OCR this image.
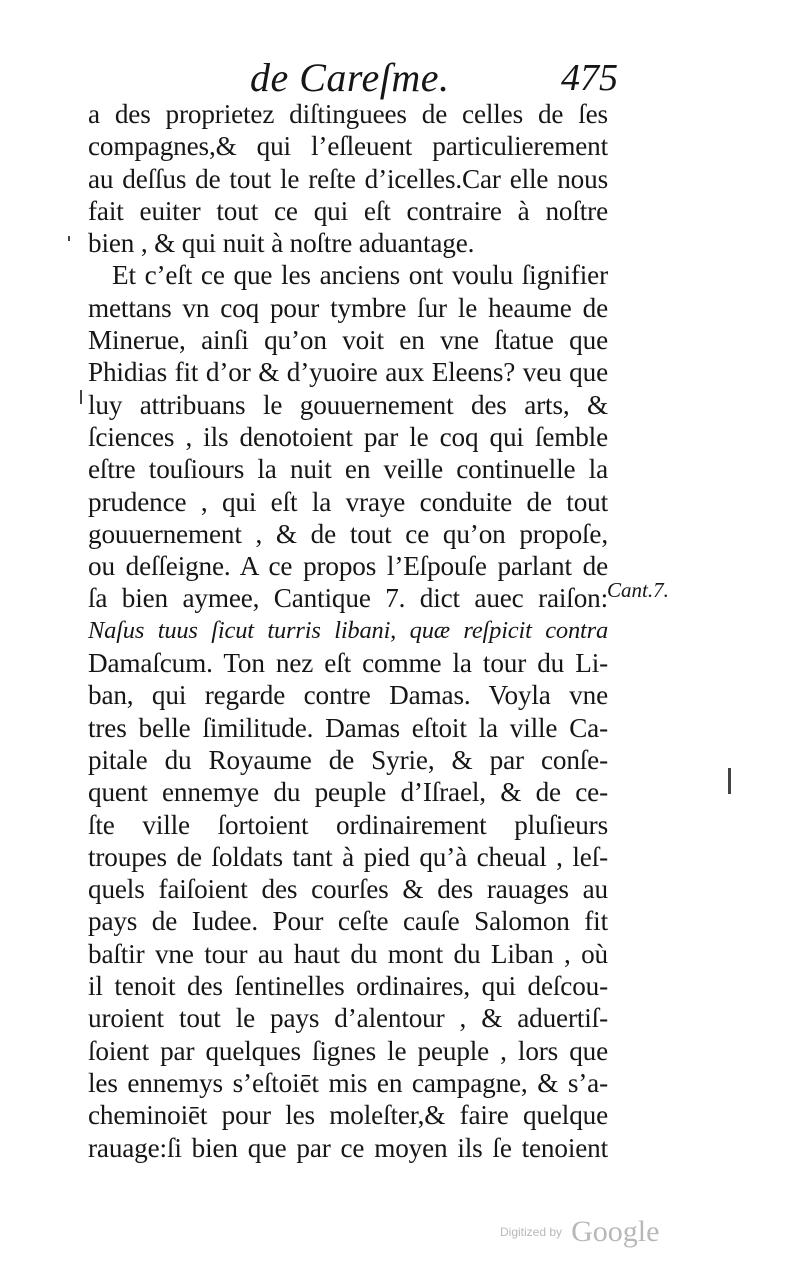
de Careſme.	475
a des proprietez diſtinguees de celles de ſes
compagnes,& qui l’eſleuent particulierement
au deſſus de tout le reſte d’icelles.Car elle nous
fait euiter tout ce qui eſt contraire à noſtre
bien , & qui nuit à noſtre aduantage.
Et c’eſt ce que les anciens ont voulu ſignifier
mettans vn coq pour tymbre ſur le heaume de
Minerue, ainſi qu’on voit en vne ſtatue que
Phidias fit d’or & d’yuoire aux Eleens? veu que
luy attribuans le gouuernement des arts, &
ſciences , ils denotoient par le coq qui ſemble
eſtre touſiours la nuit en veille continuelle la
prudence , qui eſt la vraye conduite de tout
gouuernement , & de tout ce qu’on propoſe,
ou deſſeigne. A ce propos l’Eſpouſe parlant de
ſa bien aymee, Cantique 7. dict auec raiſon:
Naſus tuus ſicut turris libani, quæ reſpicit contra
Damaſcum. Ton nez eſt comme la tour du Li-
ban, qui regarde contre Damas. Voyla vne
tres belle ſimilitude. Damas eſtoit la ville Ca-
pitale du Royaume de Syrie, & par conſe-
quent ennemye du peuple d’Iſrael, & de ce-
ſte ville ſortoient ordinairement pluſieurs
troupes de ſoldats tant à pied qu’à cheual , leſ-
quels faiſoient des courſes & des rauages au
pays de Iudee. Pour ceſte cauſe Salomon fit
baſtir vne tour au haut du mont du Liban , où
il tenoit des ſentinelles ordinaires, qui deſcou-
uroient tout le pays d’alentour , & aduertiſ-
ſoient par quelques ſignes le peuple , lors que
les ennemys s’eſtoiēt mis en campagne, & s’a-
cheminoiēt pour les moleſter,& faire quelque
rauage:ſi bien que par ce moyen ils ſe tenoient
Cant.7.
Digitized by Google
